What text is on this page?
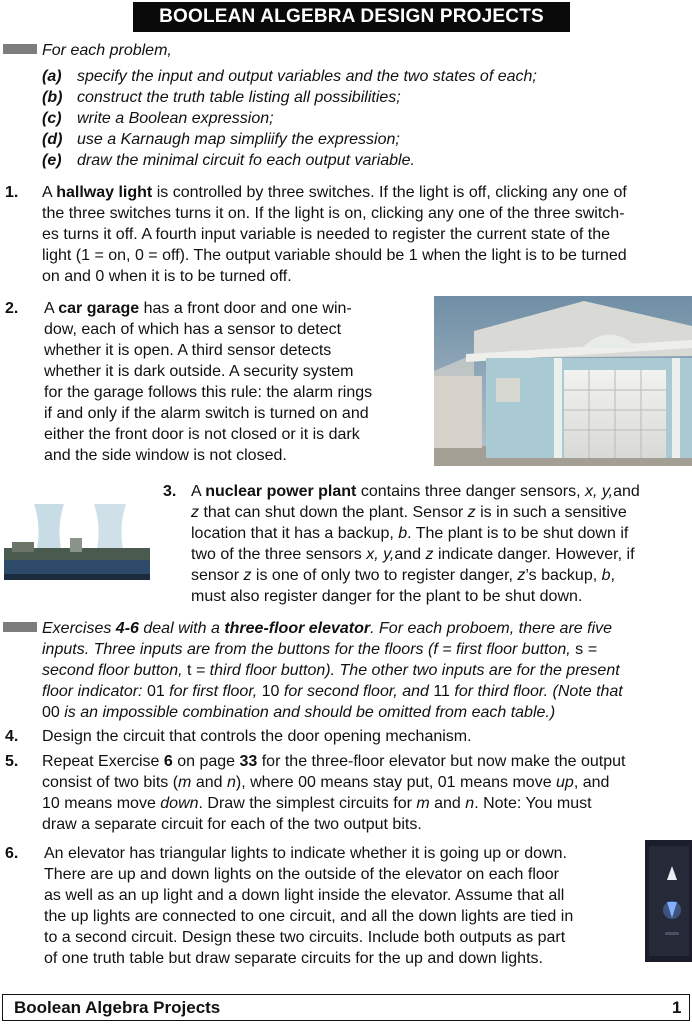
BOOLEAN ALGEBRA DESIGN PROJECTS
For each problem,
(a) specify the input and output variables and the two states of each;
(b) construct the truth table listing all possibilities;
(c) write a Boolean expression;
(d) use a Karnaugh map simpliify the expression;
(e) draw the minimal circuit fo each output variable.
1. A hallway light is controlled by three switches. If the light is off, clicking any one of
the three switches turns it on. If the light is on, clicking any one of the three switch-
es turns it off. A fourth input variable is needed to register the current state of the
light (1 = on, 0 = off). The output variable should be 1 when the light is to be turned
on and 0 when it is to be turned off.
2. A car garage has a front door and one win-
dow, each of which has a sensor to detect
whether it is open. A third sensor detects
whether it is dark outside. A security system
for the garage follows this rule: the alarm rings
if and only if the alarm switch is turned on and
either the front door is not closed or it is dark
and the side window is not closed.
3. A nuclear power plant contains three danger sensors, x, y,and
z that can shut down the plant. Sensor z is in such a sensitive
location that it has a backup, b. The plant is to be shut down if
two of the three sensors x, y,and z indicate danger. However, if
sensor z is one of only two to register danger, z’s backup, b,
must also register danger for the plant to be shut down.
Exercises 4-6 deal with a three-floor elevator. For each proboem, there are five
inputs. Three inputs are from the buttons for the floors (f = first floor button, s =
second floor button, t = third floor button). The other two inputs are for the present
floor indicator: 01 for first floor, 10 for second floor, and 11 for third floor. (Note that
00 is an impossible combination and should be omitted from each table.)
4. Design the circuit that controls the door opening mechanism.
5. Repeat Exercise 6 on page 33 for the three-floor elevator but now make the output
consist of two bits (m and n), where 00 means stay put, 01 means move up, and
10 means move down. Draw the simplest circuits for m and n. Note: You must
draw a separate circuit for each of the two output bits.
6. An elevator has triangular lights to indicate whether it is going up or down.
There are up and down lights on the outside of the elevator on each floor
as well as an up light and a down light inside the elevator. Assume that all
the up lights are connected to one circuit, and all the down lights are tied in
to a second circuit. Design these two circuits. Include both outputs as part
of one truth table but draw separate circuits for the up and down lights.
Boolean Algebra Projects	1
